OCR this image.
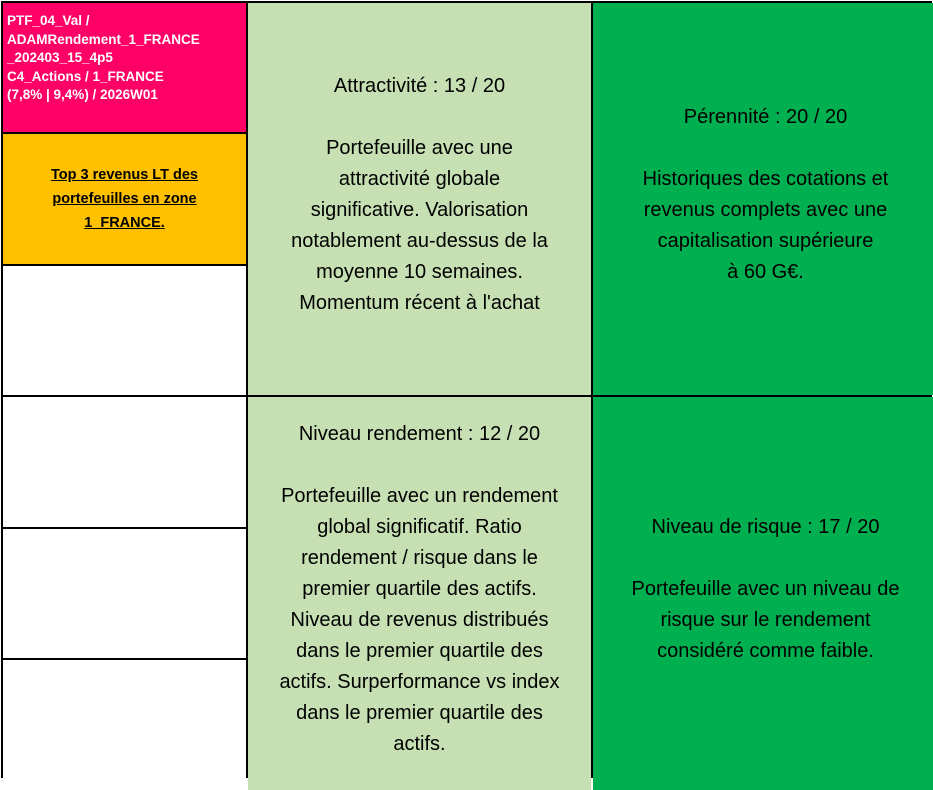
PTF_04_Val /
ADAMRendement_1_FRANCE
_202403_15_4p5
C4_Actions / 1_FRANCE
(7,8% | 9,4%) / 2026W01
Top 3 revenus LT des portefeuilles en zone 1_FRANCE.
Attractivité : 13 / 20
Portefeuille avec une
attractivité globale
significative. Valorisation
notablement au-dessus de la
moyenne 10 semaines.
Momentum récent à l'achat
Pérennité : 20 / 20
Historiques des cotations et
revenus complets avec une
capitalisation supérieure
à 60 G€.
Niveau rendement : 12 / 20
Portefeuille avec un rendement
global significatif. Ratio
rendement / risque dans le
premier quartile des actifs.
Niveau de revenus distribués
dans le premier quartile des
actifs. Surperformance vs index
dans le premier quartile des
actifs.
Niveau de risque : 17 / 20
Portefeuille avec un niveau de
risque sur le rendement
considéré comme faible.
